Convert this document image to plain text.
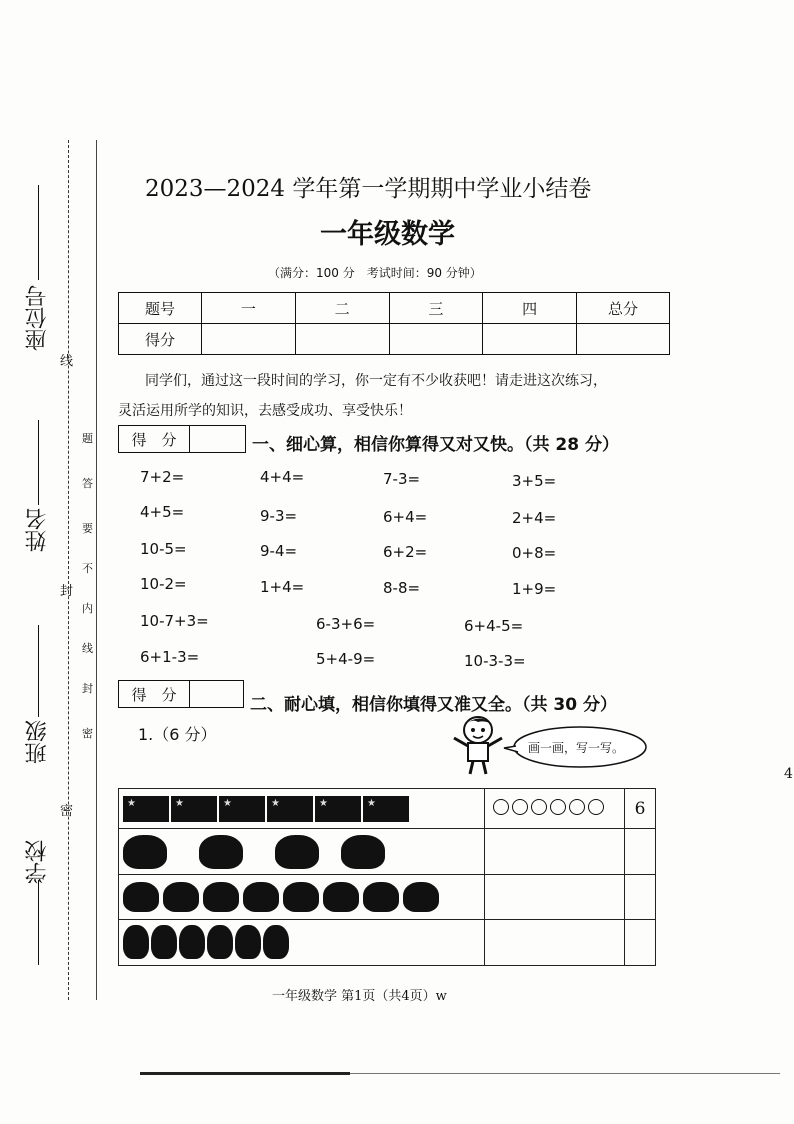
座位号
姓名
班级
学校
线
封
密
题
答
要
不
内
线
封
密
2023—2024 学年第一学期期中学业小结卷
一年级数学
（满分：100 分　考试时间：90 分钟）
题号	一	二	三	四	总分
得分					
同学们，通过这一段时间的学习，你一定有不少收获吧！请走进这次练习，
灵活运用所学的知识，去感受成功、享受快乐！
得　分	一、细心算，相信你算得又对又快。（共 28 分）
7+2=	4+4=	7-3=	3+5=
4+5=	9-3=	6+4=	2+4=
10-5=	9-4=	6+2=	0+8=
10-2=	1+4=	8-8=	1+9=
10-7+3=	6-3+6=	6+4-5=
6+1-3=	5+4-9=	10-3-3=
得　分
二、耐心填，相信你填得又准又全。（共 30 分）
1.（6 分）
画一画，写一写。
★★★★★★		6

一年级数学 第1页（共4页）w
4
